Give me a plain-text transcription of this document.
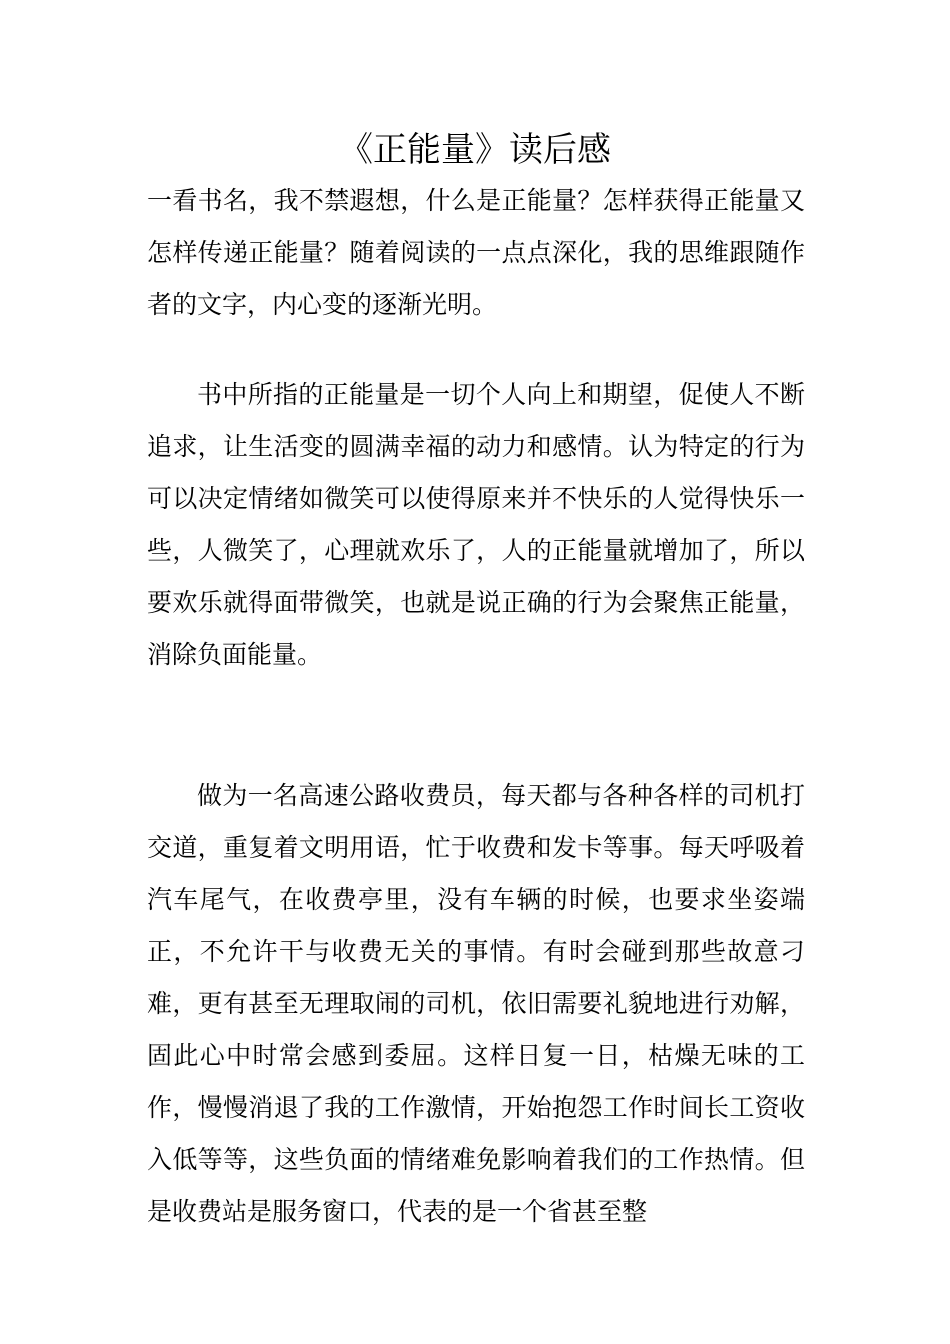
《正能量》读后感

一看书名，我不禁遐想，什么是正能量？怎样获得正能量又怎样传递正能量？随着阅读的一点点深化，我的思维跟随作者的文字，内心变的逐渐光明。

书中所指的正能量是一切个人向上和期望，促使人不断追求，让生活变的圆满幸福的动力和感情。认为特定的行为可以决定情绪如微笑可以使得原来并不快乐的人觉得快乐一些，人微笑了，心理就欢乐了，人的正能量就增加了，所以要欢乐就得面带微笑，也就是说正确的行为会聚焦正能量，消除负面能量。

做为一名高速公路收费员，每天都与各种各样的司机打交道，重复着文明用语，忙于收费和发卡等事。每天呼吸着汽车尾气，在收费亭里，没有车辆的时候，也要求坐姿端正，不允许干与收费无关的事情。有时会碰到那些故意刁难，更有甚至无理取闹的司机，依旧需要礼貌地进行劝解，固此心中时常会感到委屈。这样日复一日，枯燥无味的工作，慢慢消退了我的工作激情，开始抱怨工作时间长工资收入低等等，这些负面的情绪难免影响着我们的工作热情。但是收费站是服务窗口，代表的是一个省甚至整
